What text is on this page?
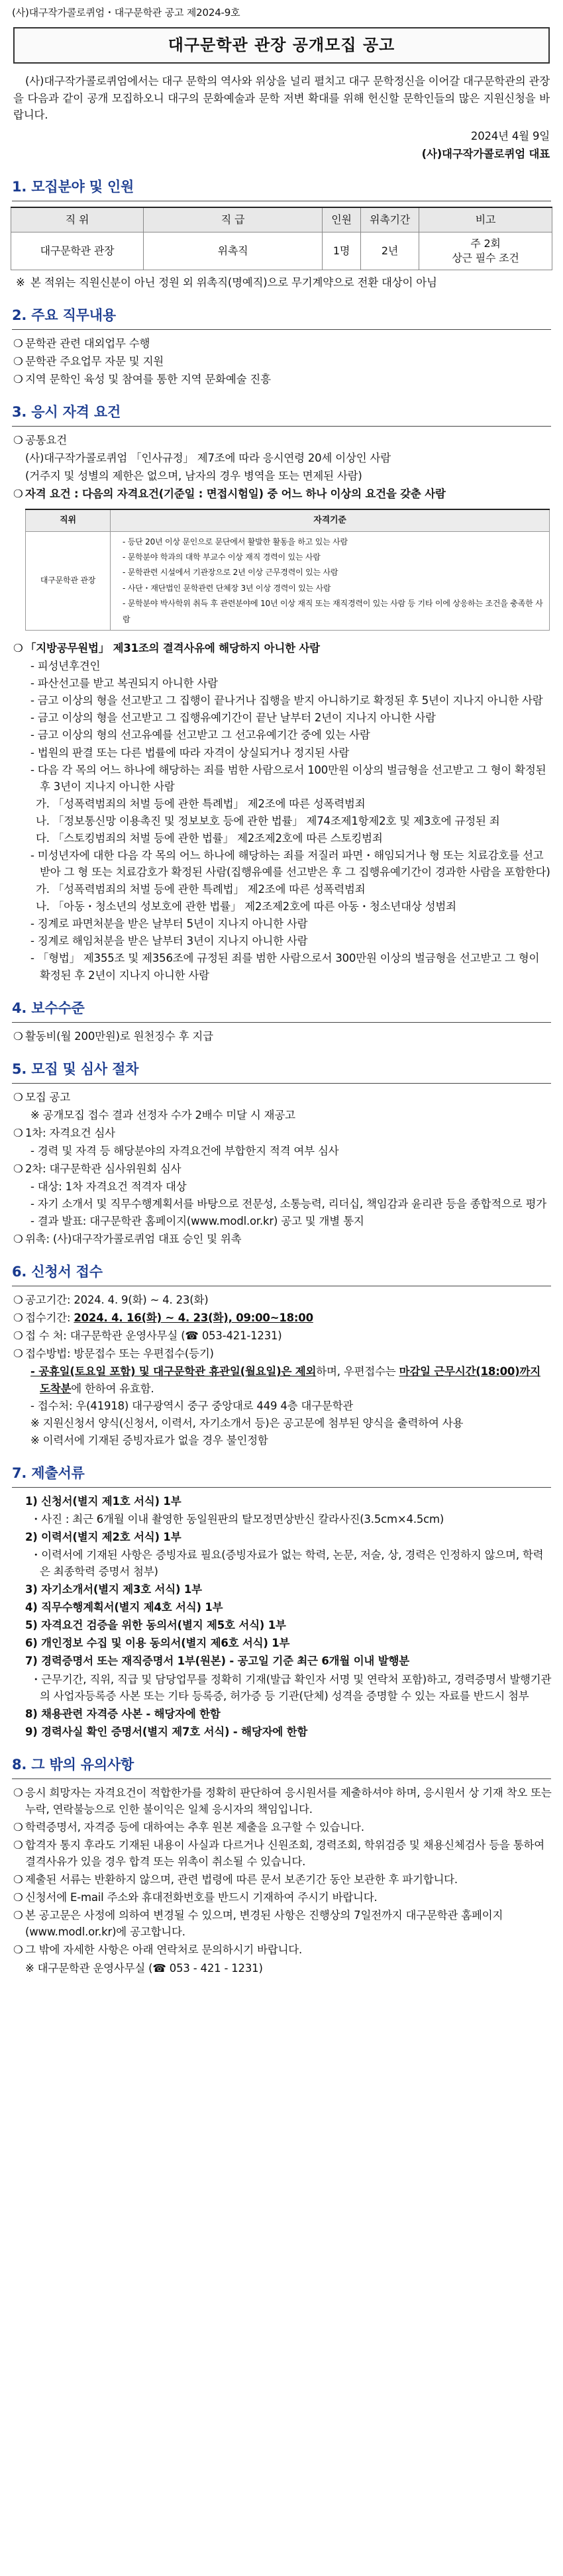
(사)대구작가콜로퀴엄・대구문학관 공고 제2024-9호
대구문학관 관장 공개모집 공고

(사)대구작가콜로퀴엄에서는 대구 문학의 역사와 위상을 널리 펼치고 대구 문학정신을 이어갈 대구문학관의 관장을 다음과 같이 공개 모집하오니 대구의 문화예술과 문학 저변 확대를 위해 헌신할 문학인들의 많은 지원신청을 바랍니다.

2024년 4월 9일
(사)대구작가콜로퀴엄 대표
1. 모집분야 및 인원
직 위	직 급	인원	위촉기간	비고
대구문학관 관장	위촉직	1명	2년	주 2회
상근 필수 조건
※ 본 적위는 직원신분이 아닌 정원 외 위촉직(명예직)으로 무기계약으로 전환 대상이 아님
2. 주요 직무내용
❍ 문학관 관련 대외업무 수행
❍ 문학관 주요업무 자문 및 지원
❍ 지역 문학인 육성 및 참여를 통한 지역 문화예술 진흥
3. 응시 자격 요건
❍ 공통요건
(사)대구작가콜로퀴엄 「인사규정」 제7조에 따라 응시연령 20세 이상인 사람
(거주지 및 성별의 제한은 없으며, 남자의 경우 병역을 또는 면제된 사람)
❍ 자격 요건 : 다음의 자격요건(기준일 : 면접시험일) 중 어느 하나 이상의 요건을 갖춘 사람
직위	자격기준
대구문학관 관장	- 등단 20년 이상 문인으로 문단에서 활발한 활동을 하고 있는 사람
- 문학분야 학과의 대학 부교수 이상 재직 경력이 있는 사람
- 문학관련 시설에서 기관장으로 2년 이상 근무경력이 있는 사람
- 사단・재단법인 문학관련 단체장 3년 이상 경력이 있는 사람
- 문학분야 박사학위 취득 후 관련분야에 10년 이상 재직 또는 재직경력이 있는 사람 등 기타 이에 상응하는 조건을 충족한 사람
❍ 「지방공무원법」 제31조의 결격사유에 해당하지 아니한 사람
- 피성년후견인
- 파산선고를 받고 복권되지 아니한 사람
- 금고 이상의 형을 선고받고 그 집행이 끝나거나 집행을 받지 아니하기로 확정된 후 5년이 지나지 아니한 사람
- 금고 이상의 형을 선고받고 그 집행유예기간이 끝난 날부터 2년이 지나지 아니한 사람
- 금고 이상의 형의 선고유예를 선고받고 그 선고유예기간 중에 있는 사람
- 법원의 판결 또는 다른 법률에 따라 자격이 상실되거나 정지된 사람
- 다음 각 목의 어느 하나에 해당하는 죄를 범한 사람으로서 100만원 이상의 벌금형을 선고받고 그 형이 확정된 후 3년이 지나지 아니한 사람
가. 「성폭력범죄의 처벌 등에 관한 특례법」 제2조에 따른 성폭력범죄
나. 「정보통신망 이용촉진 및 정보보호 등에 관한 법률」 제74조제1항제2호 및 제3호에 규정된 죄
다. 「스토킹범죄의 처벌 등에 관한 법률」 제2조제2호에 따른 스토킹범죄
- 미성년자에 대한 다음 각 목의 어느 하나에 해당하는 죄를 저질러 파면・해임되거나 형 또는 치료감호를 선고받아 그 형 또는 치료감호가 확정된 사람(집행유예를 선고받은 후 그 집행유예기간이 경과한 사람을 포함한다)
가. 「성폭력범죄의 처벌 등에 관한 특례법」 제2조에 따른 성폭력범죄
나. 「아동・청소년의 성보호에 관한 법률」 제2조제2호에 따른 아동・청소년대상 성범죄
- 징계로 파면처분을 받은 날부터 5년이 지나지 아니한 사람
- 징계로 해임처분을 받은 날부터 3년이 지나지 아니한 사람
- 「형법」 제355조 및 제356조에 규정된 죄를 범한 사람으로서 300만원 이상의 벌금형을 선고받고 그 형이 확정된 후 2년이 지나지 아니한 사람
4. 보수수준
❍ 활동비(월 200만원)로 원천징수 후 지급
5. 모집 및 심사 절차
❍ 모집 공고
※ 공개모집 접수 결과 선정자 수가 2배수 미달 시 재공고
❍ 1차: 자격요건 심사
- 경력 및 자격 등 해당분야의 자격요건에 부합한지 적격 여부 심사
❍ 2차: 대구문학관 심사위원회 심사
- 대상: 1차 자격요건 적격자 대상
- 자기 소개서 및 직무수행계획서를 바탕으로 전문성, 소통능력, 리더십, 책임감과 윤리관 등을 종합적으로 평가
- 결과 발표: 대구문학관 홈페이지(www.modl.or.kr) 공고 및 개별 통지
❍ 위촉: (사)대구작가콜로퀴엄 대표 승인 및 위촉
6. 신청서 접수
❍ 공고기간: 2024. 4. 9(화) ~ 4. 23(화)
❍ 접수기간: 2024. 4. 16(화) ~ 4. 23(화), 09:00~18:00
❍ 접 수 처: 대구문학관 운영사무실 (☎ 053-421-1231)
❍ 접수방법: 방문접수 또는 우편접수(등기)
- 공휴일(토요일 포함) 및 대구문학관 휴관일(월요일)은 제외하며, 우편접수는 마감일 근무시간(18:00)까지 도착분에 한하여 유효함.
- 접수처: 우(41918) 대구광역시 중구 중앙대로 449 4층 대구문학관
※ 지원신청서 양식(신청서, 이력서, 자기소개서 등)은 공고문에 첨부된 양식을 출력하여 사용
※ 이력서에 기재된 증빙자료가 없을 경우 불인정함
7. 제출서류
1) 신청서(별지 제1호 서식) 1부
・사진 : 최근 6개월 이내 촬영한 동일원판의 탈모정면상반신 칼라사진(3.5cm×4.5cm)
2) 이력서(별지 제2호 서식) 1부
・이력서에 기재된 사항은 증빙자료 필요(증빙자료가 없는 학력, 논문, 저술, 상, 경력은 인정하지 않으며, 학력은 최종학력 증명서 첨부)
3) 자기소개서(별지 제3호 서식) 1부
4) 직무수행계획서(별지 제4호 서식) 1부
5) 자격요건 검증을 위한 동의서(별지 제5호 서식) 1부
6) 개인정보 수집 및 이용 동의서(별지 제6호 서식) 1부
7) 경력증명서 또는 재직증명서 1부(원본) - 공고일 기준 최근 6개월 이내 발행분
・근무기간, 직위, 직급 및 담당업무를 정확히 기재(발급 확인자 서명 및 연락처 포함)하고, 경력증명서 발행기관의 사업자등록증 사본 또는 기타 등록증, 허가증 등 기관(단체) 성격을 증명할 수 있는 자료를 반드시 첨부
8) 채용관련 자격증 사본 - 해당자에 한함
9) 경력사실 확인 증명서(별지 제7호 서식) - 해당자에 한함
8. 그 밖의 유의사항
❍ 응시 희망자는 자격요건이 적합한가를 정확히 판단하여 응시원서를 제출하셔야 하며, 응시원서 상 기재 착오 또는 누락, 연락불능으로 인한 불이익은 일체 응시자의 책임입니다.
❍ 학력증명서, 자격증 등에 대하여는 추후 원본 제출을 요구할 수 있습니다.
❍ 합격자 통지 후라도 기재된 내용이 사실과 다르거나 신원조회, 경력조회, 학위검증 및 채용신체검사 등을 통하여 결격사유가 있을 경우 합격 또는 위촉이 취소될 수 있습니다.
❍ 제출된 서류는 반환하지 않으며, 관련 법령에 따른 문서 보존기간 동안 보관한 후 파기합니다.
❍ 신청서에 E-mail 주소와 휴대전화번호를 반드시 기재하여 주시기 바랍니다.
❍ 본 공고문은 사정에 의하여 변경될 수 있으며, 변경된 사항은 진행상의 7일전까지 대구문학관 홈페이지(www.modl.or.kr)에 공고합니다.
❍ 그 밖에 자세한 사항은 아래 연락처로 문의하시기 바랍니다.
※ 대구문학관 운영사무실 (☎ 053 - 421 - 1231)
